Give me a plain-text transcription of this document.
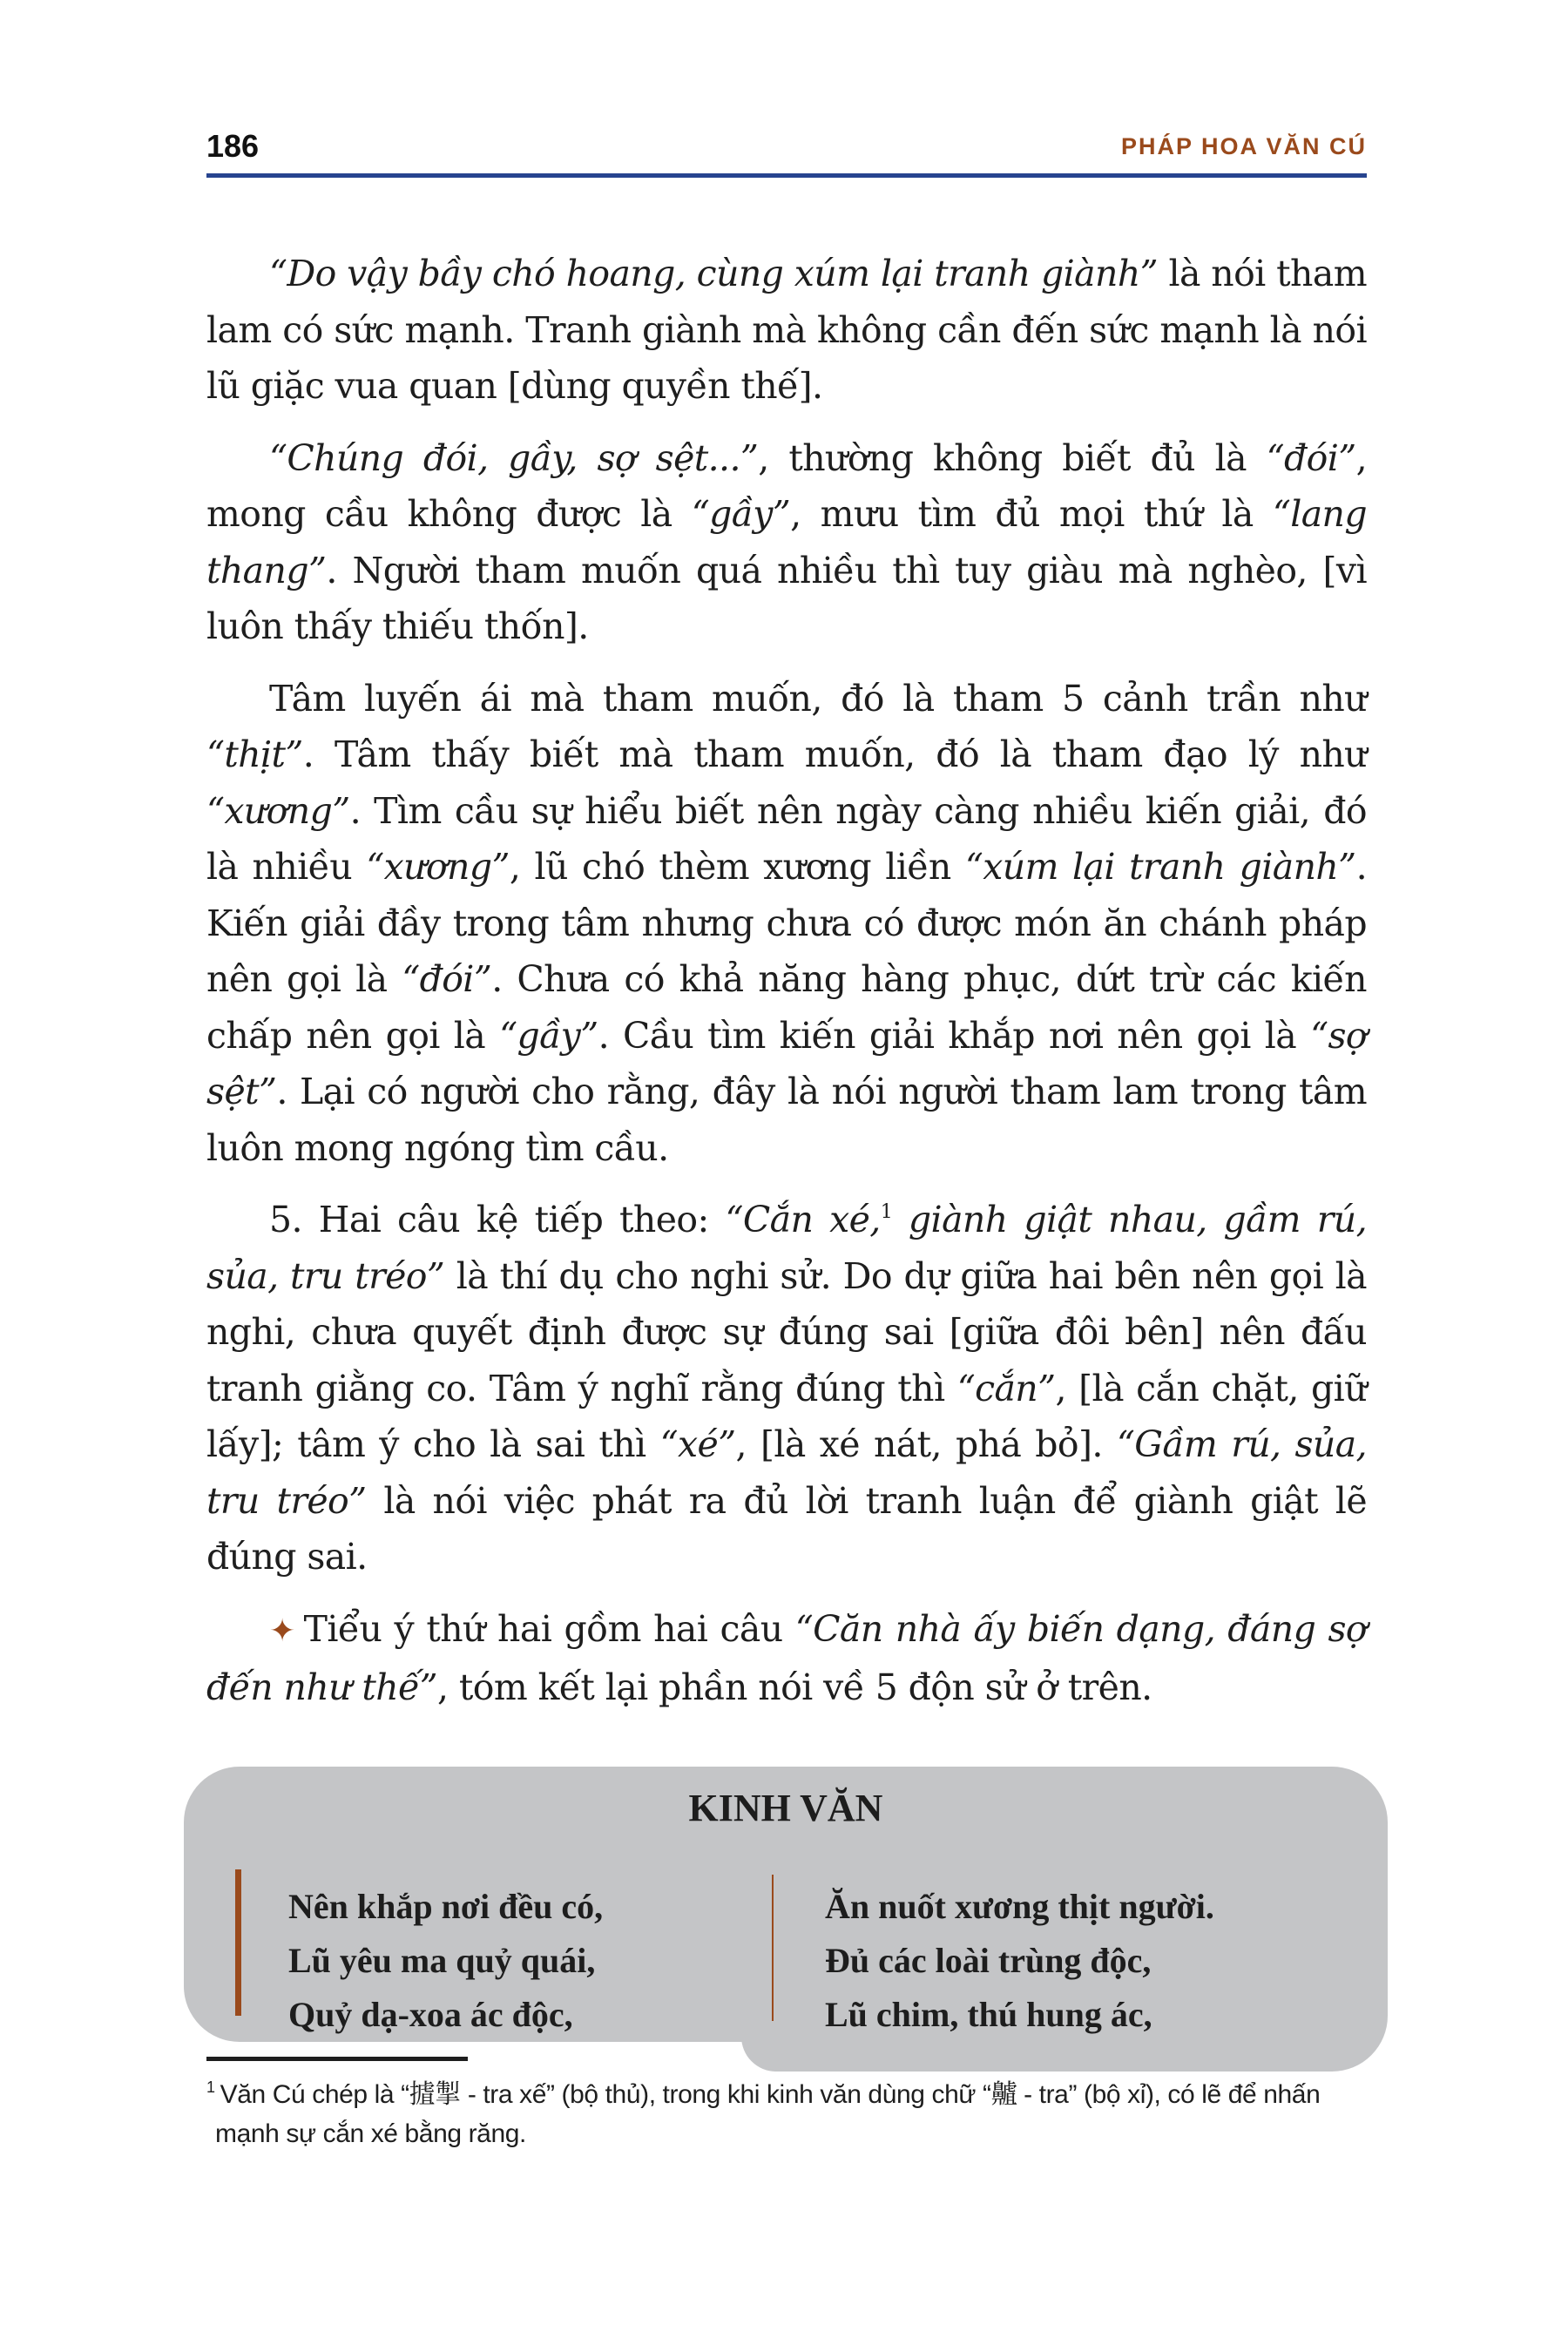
186	PHÁP HOA VĂN CÚ

“Do vậy bầy chó hoang, cùng xúm lại tranh giành” là nói tham lam có sức mạnh. Tranh giành mà không cần đến sức mạnh là nói lũ giặc vua quan [dùng quyền thế].

“Chúng đói, gầy, sợ sệt...”, thường không biết đủ là “đói”, mong cầu không được là “gầy”, mưu tìm đủ mọi thứ là “lang thang”. Người tham muốn quá nhiều thì tuy giàu mà nghèo, [vì luôn thấy thiếu thốn].

Tâm luyến ái mà tham muốn, đó là tham 5 cảnh trần như “thịt”. Tâm thấy biết mà tham muốn, đó là tham đạo lý như “xương”. Tìm cầu sự hiểu biết nên ngày càng nhiều kiến giải, đó là nhiều “xương”, lũ chó thèm xương liền “xúm lại tranh giành”. Kiến giải đầy trong tâm nhưng chưa có được món ăn chánh pháp nên gọi là “đói”. Chưa có khả năng hàng phục, dứt trừ các kiến chấp nên gọi là “gầy”. Cầu tìm kiến giải khắp nơi nên gọi là “sợ sệt”. Lại có người cho rằng, đây là nói người tham lam trong tâm luôn mong ngóng tìm cầu.

5. Hai câu kệ tiếp theo: “Cắn xé,$^1$ giành giật nhau, gầm rú, sủa, tru tréo” là thí dụ cho nghi sử. Do dự giữa hai bên nên gọi là nghi, chưa quyết định được sự đúng sai [giữa đôi bên] nên đấu tranh giằng co. Tâm ý nghĩ rằng đúng thì “cắn”, [là cắn chặt, giữ lấy]; tâm ý cho là sai thì “xé”, [là xé nát, phá bỏ]. “Gầm rú, sủa, tru tréo” là nói việc phát ra đủ lời tranh luận để giành giật lẽ đúng sai.

✦ Tiểu ý thứ hai gồm hai câu “Căn nhà ấy biến dạng, đáng sợ đến như thế”, tóm kết lại phần nói về 5 độn sử ở trên.

KINH VĂN
Nên khắp nơi đều có,
Lũ yêu ma quỷ quái,
Quỷ dạ-xoa ác độc,
Ăn nuốt xương thịt người.
Đủ các loài trùng độc,
Lũ chim, thú hung ác,
$^1$ Văn Cú chép là “摣掣 - tra xế” (bộ thủ), trong khi kinh văn dùng chữ “齇 - tra” (bộ xỉ), có lẽ để nhấn mạnh sự cắn xé bằng răng.
